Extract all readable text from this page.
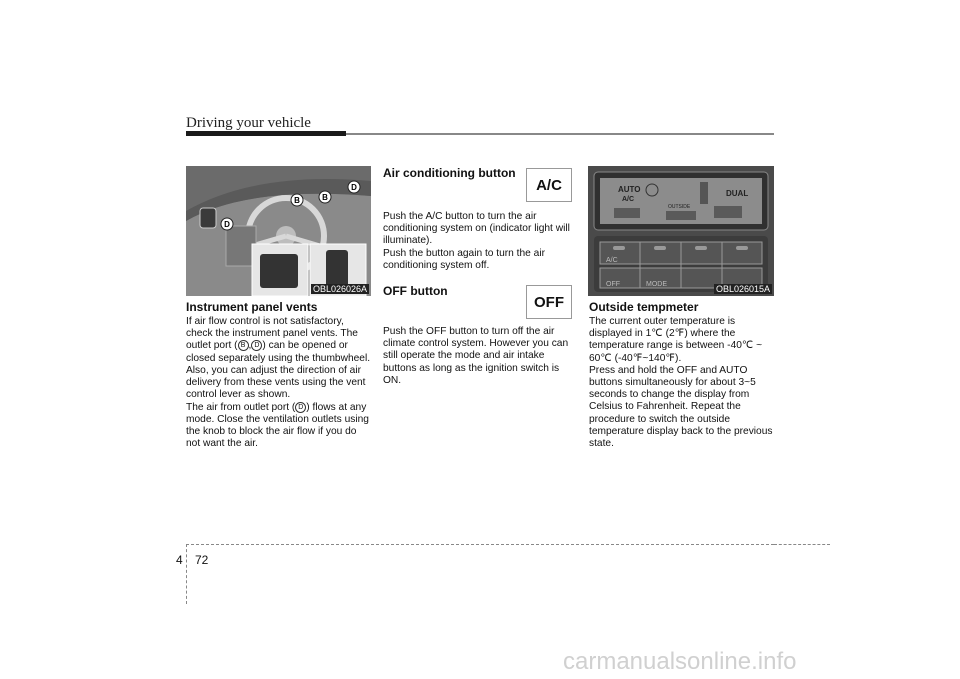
Driving your vehicle
D
B	B
D
OBL026026A
Instrument panel vents

If air flow control is not satisfactory, check the instrument panel vents. The outlet port ( B , D ) can be opened or closed separately using the thumbwheel.

Also, you can adjust the direction of air delivery from these vents using the vent control lever as shown.

The air from outlet port ( D ) flows at any mode. Close the ventilation outlets using the knob to block the air flow if you do not want the air.

Air conditioning button
A/C

Push the A/C button to turn the air conditioning system on (indicator light will illuminate).

Push the button again to turn the air conditioning system off.

OFF button
OFF

Push the OFF button to turn off the air climate control system. However you can still operate the mode and air intake buttons as long as the ignition switch is ON.

AUTO
A/C
DUAL
OUTSIDE
A/C
OFF	MODE	OBL026015A
Outside tempmeter

The current outer temperature is displayed in 1℃ (2℉) where the temperature range is between -40℃ ~ 60℃ (-40℉~140℉).

Press and hold the OFF and AUTO buttons simultaneously for about 3~5 seconds to change the display from Celsius to Fahrenheit. Repeat the procedure to switch the outside temperature display back to the previous state.

4 72
carmanualsonline.info
